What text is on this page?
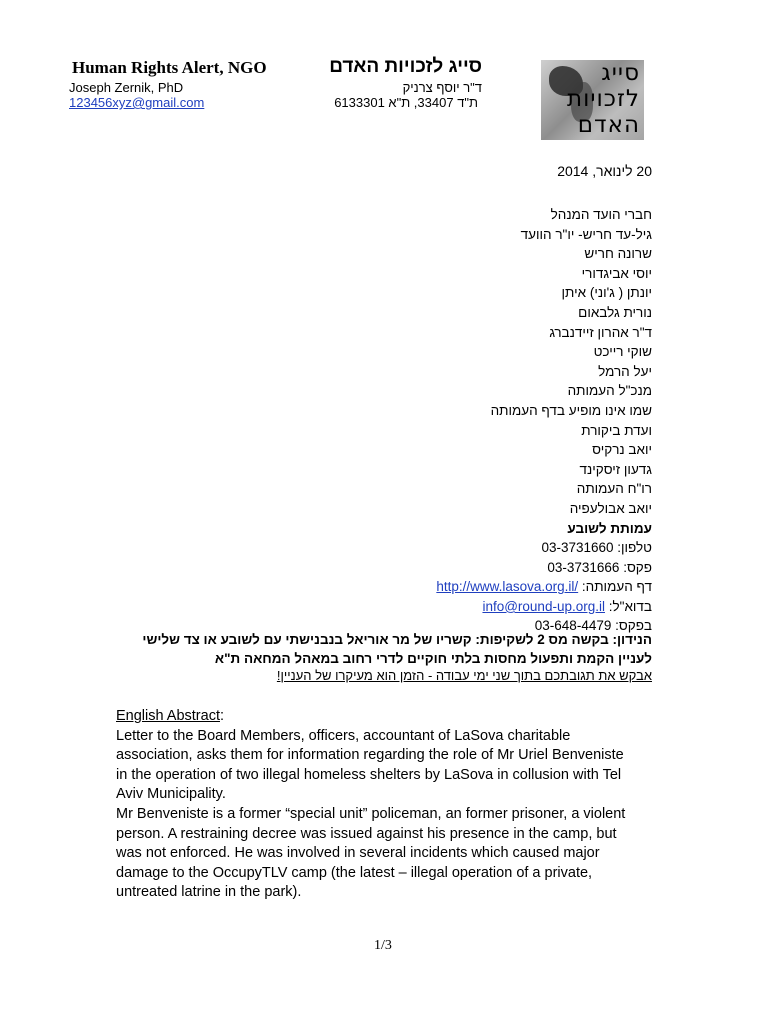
Human Rights Alert, NGO	סייג לזכויות האדם
Joseph Zernik, PhD	ד"ר יוסף צרניק
123456xyz@gmail.com	ת"ד 33407, ת"א 6133301
סייג
לזכויות
האדם
20 לינואר, 2014
חברי הועד המנהל
גיל-עד חריש- יו"ר הוועד
שרונה חריש
יוסי אביגדורי
יונתן ( ג'וני) איתן
נורית גלבאום
ד"ר אהרון זיידנברג
שוקי רייכט
יעל הרמל
מנכ"ל העמותה
שמו אינו מופיע בדף העמותה
ועדת ביקורת
יואב נרקיס
גדעון זיסקינד
רו"ח העמותה
יואב אבולעפיה
עמותת לשובע
טלפון: 03-3731660
פקס: 03-3731666
דף העמותה: http://www.lasova.org.il/
בדוא"ל: info@round-up.org.il
בפקס: 03-648-4479
הנידון: בקשה מס 2 לשקיפות: קשריו של מר אוריאל בנבנישתי עם לשובע או צד שלישי
לעניין הקמת ותפעול מחסות בלתי חוקיים לדרי רחוב במאהל המחאה ת"א
אבקש את תגובתכם בתוך שני ימי עבודה - הזמן הוא מעיקרו של העניין!

English Abstract:

Letter to the Board Members, officers, accountant of LaSova charitable association, asks them for information regarding the role of Mr Uriel Benveniste in the operation of two illegal homeless shelters by LaSova in collusion with Tel Aviv Municipality.

Mr Benveniste is a former “special unit” policeman, an former prisoner, a violent person. A restraining decree was issued against his presence in the camp, but was not enforced. He was involved in several incidents which caused major damage to the OccupyTLV camp (the latest – illegal operation of a private, untreated latrine in the park).

1/3
